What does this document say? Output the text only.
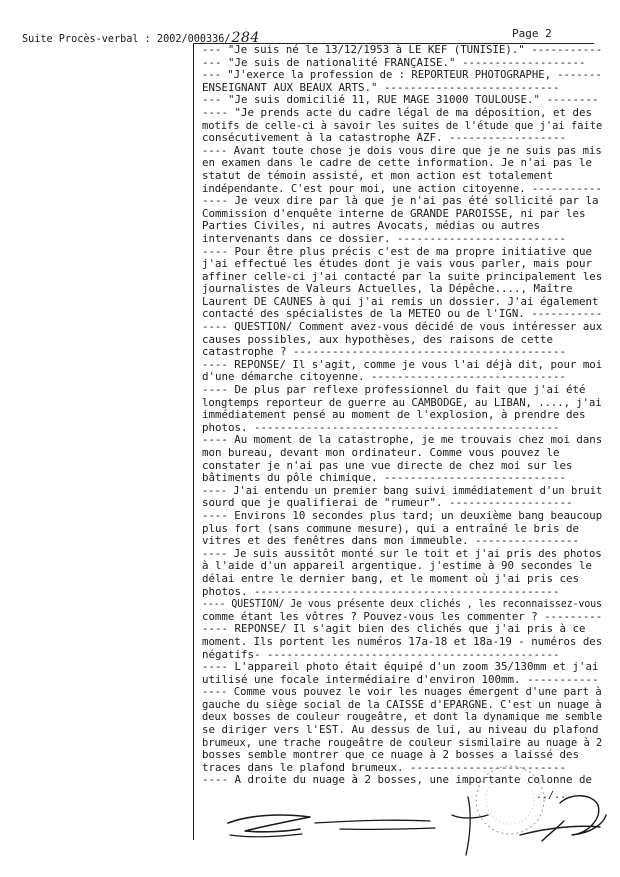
Suite Procès-verbal : 2002/000336/284	Page 2
--- "Je suis né le 13/12/1953 à LE KEF (TUNISIE)." -----------
--- "Je suis de nationalité FRANÇAISE." -------------------
--- "J'exerce la profession de : REPORTEUR PHOTOGRAPHE, -------
ENSEIGNANT AUX BEAUX ARTS." ---------------------------
--- "Je suis domicilié 11, RUE MAGE 31000 TOULOUSE." --------
---- "Je prends acte du cadre légal de ma déposition, et des
motifs de celle-ci à savoir les suites de l'étude que j'ai faite
consécutivement à la catastrophe AZF. ------------------
---- Avant toute chose je dois vous dire que je ne suis pas mis
en examen dans le cadre de cette information. Je n'ai pas le
statut de témoin assisté, et mon action est totalement
indépendante. C'est pour moi, une action citoyenne. -----------
---- Je veux dire par là que je n'ai pas été sollicité par la
Commission d'enquête interne de GRANDE PAROISSE, ni par les
Parties Civiles, ni autres Avocats, médias ou autres
intervenants dans ce dossier. --------------------------
---- Pour être plus précis c'est de ma propre initiative que
j'ai effectué les études dont je vais vous parler, mais pour
affiner celle-ci j'ai contacté par la suite principalement les
journalistes de Valeurs Actuelles, la Dépêche...., Maître
Laurent DE CAUNES à qui j'ai remis un dossier. J'ai également
contacté des spécialistes de la METEO ou de l'IGN. -----------
---- QUESTION/ Comment avez-vous décidé de vous intéresser aux
causes possibles, aux hypothèses, des raisons de cette
catastrophe ? ------------------------------------------
---- REPONSE/ Il s'agit, comme je vous l'ai déjà dit, pour moi
d'une démarche citoyenne. ------------------------------
---- De plus par reflexe professionnel du fait que j'ai été
longtemps reporteur de guerre au CAMBODGE, au LIBAN, ...., j'ai
immédiatement pensé au moment de l'explosion, à prendre des
photos. -----------------------------------------------
---- Au moment de la catastrophe, je me trouvais chez moi dans
mon bureau, devant mon ordinateur. Comme vous pouvez le
constater je n'ai pas une vue directe de chez moi sur les
bâtiments du pôle chimique. ----------------------------
---- J'ai entendu un premier bang suivi immédiatement d'un bruit
sourd que je qualifierai de "rumeur". -------------------
---- Environs 10 secondes plus tard; un deuxième bang beaucoup
plus fort (sans commune mesure), qui a entraîné le bris de
vitres et des fenêtres dans mon immeuble. ----------------
---- Je suis aussitôt monté sur le toit et j'ai pris des photos
à l'aide d'un appareil argentique. j'estime à 90 secondes le
délai entre le dernier bang, et le moment où j'ai pris ces
photos. -----------------------------------------------
---- QUESTION/ Je vous présente deux clichés , les reconnaissez-vous
comme étant les vôtres ? Pouvez-vous les commenter ? ---------
---- REPONSE/ Il s'agit bien des clichés que j'ai pris à ce
moment. Ils portent les numéros 17a-18 et 18a-19 - numéros des
négatifs- ---------------------------------------------
---- L'appareil photo était équipé d'un zoom 35/130mm et j'ai
utilisé une focale intermédiaire d'environ 100mm. -----------
---- Comme vous pouvez le voir les nuages émergent d'une part à
gauche du siège social de la CAISSE d'EPARGNE. C'est un nuage à
deux bosses de couleur rougeâtre, et dont la dynamique me semble
se diriger vers l'EST. Au dessus de lui, au niveau du plafond
brumeux, une trache rougeâtre de couleur sismilaire au nuage à 2
bosses semble montrer que ce nuage à 2 bosses a laissé des
traces dans le plafond brumeux. ------------------------
---- A droite du nuage à 2 bosses, une importante colonne de
../...
